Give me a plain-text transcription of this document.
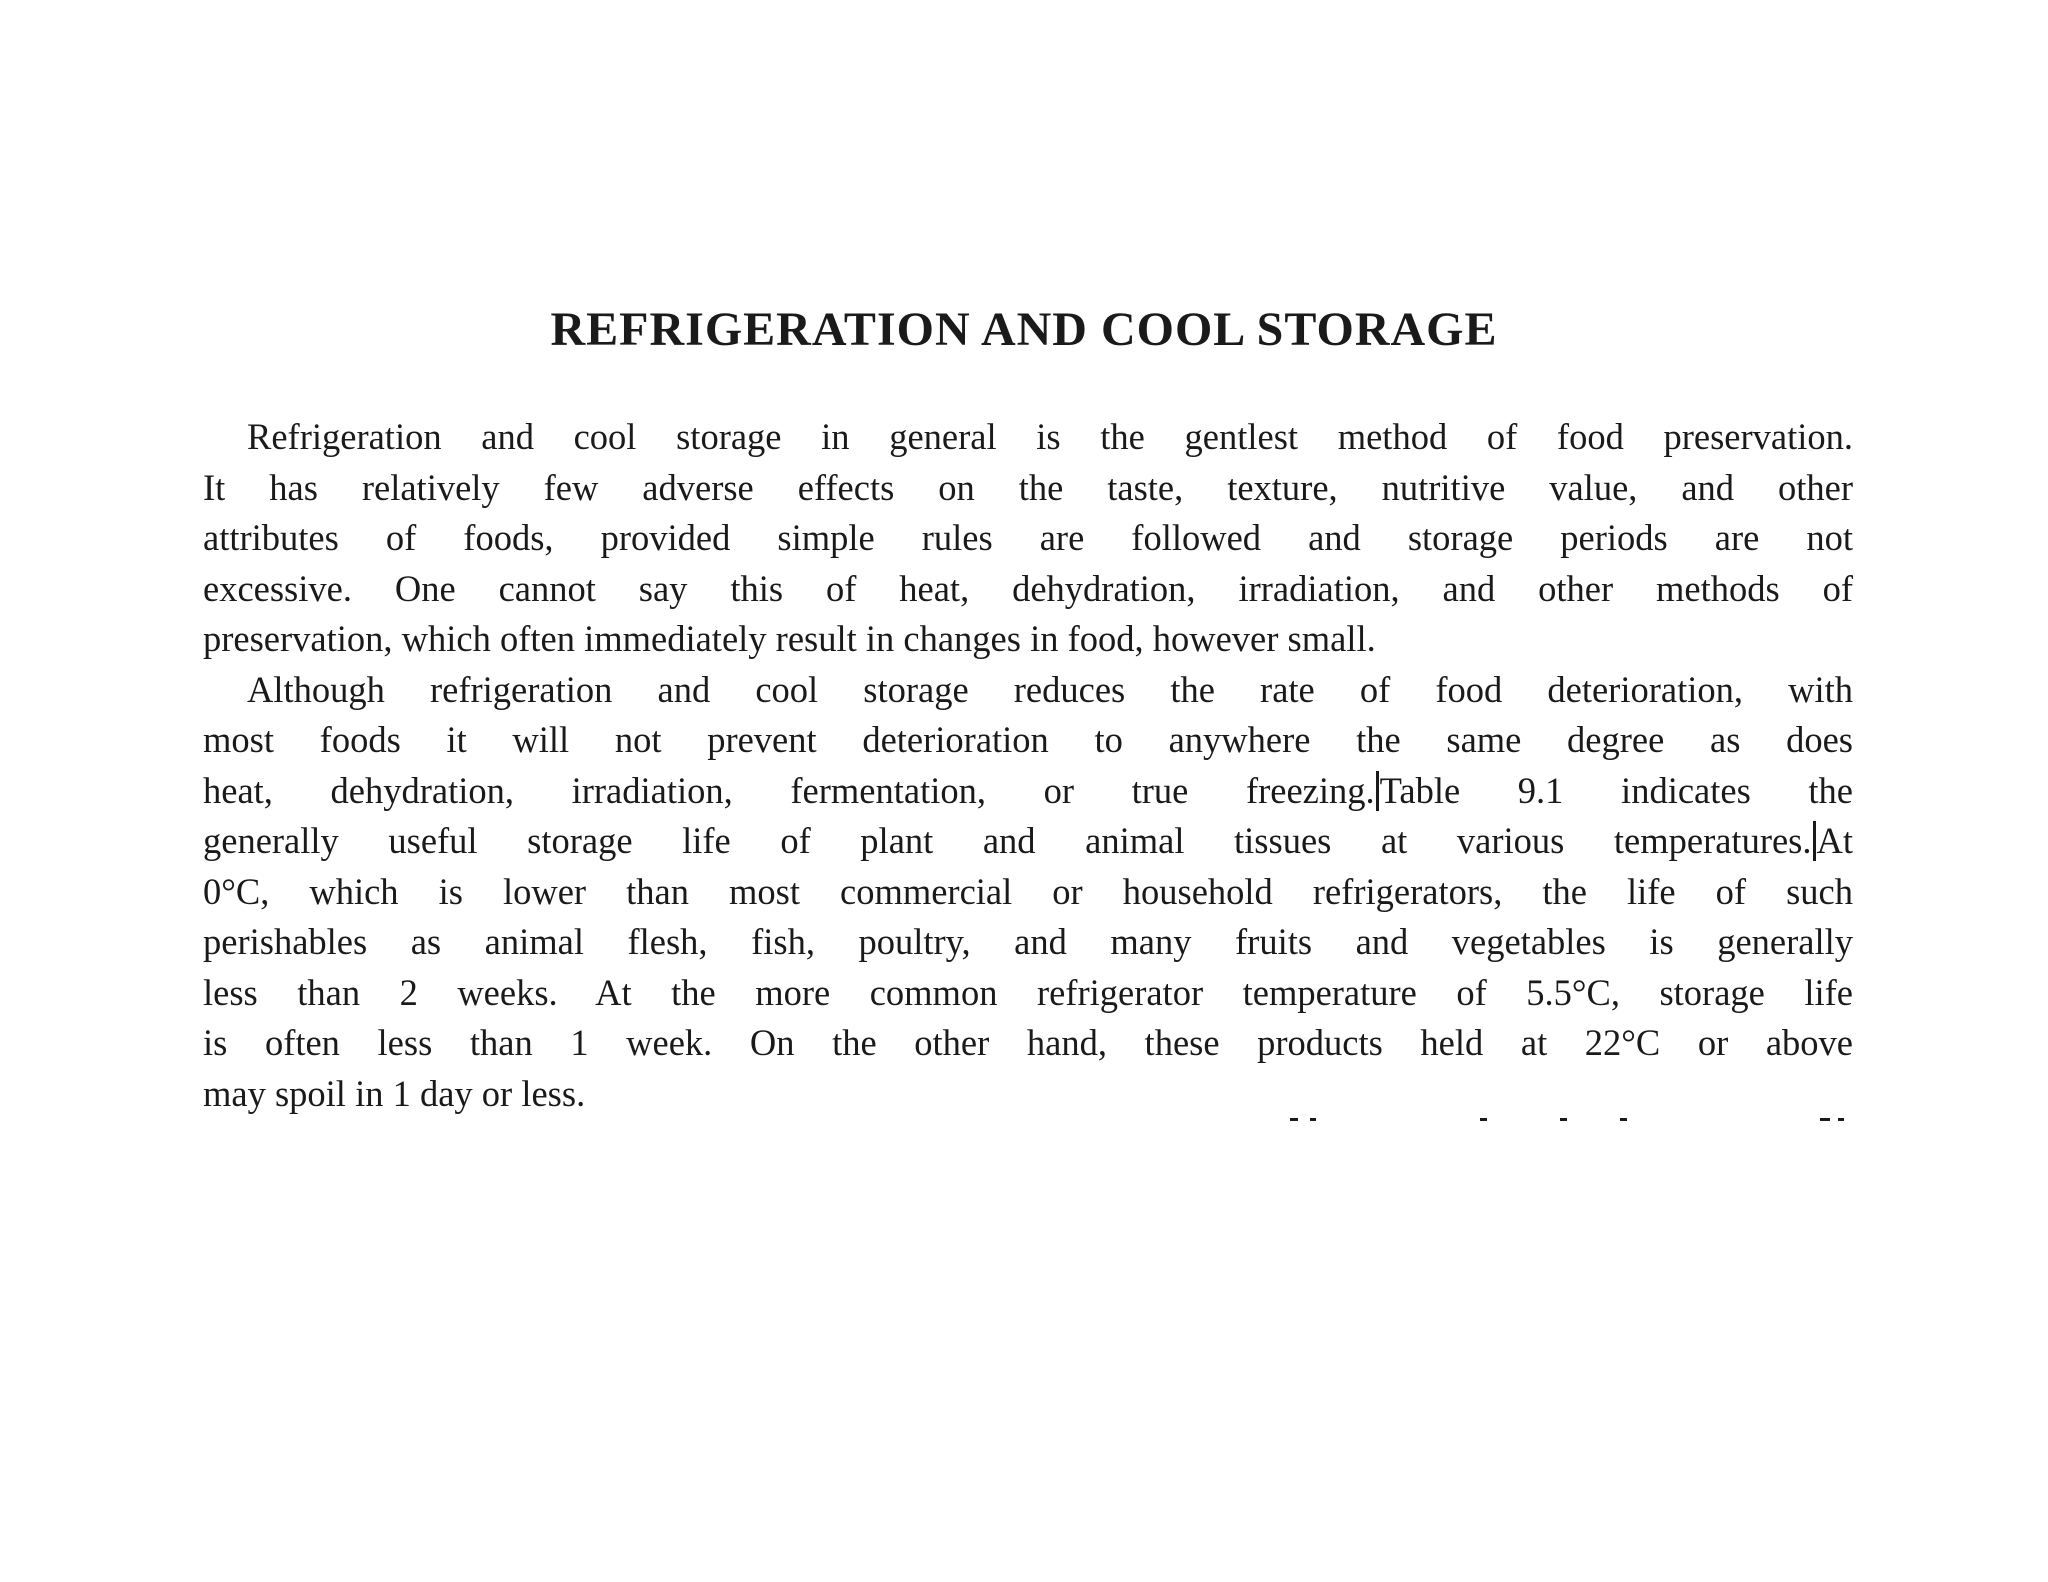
REFRIGERATION AND COOL STORAGE
Refrigeration and cool storage in general is the gentlest method of food preservation.
It has relatively few adverse effects on the taste, texture, nutritive value, and other
attributes of foods, provided simple rules are followed and storage periods are not
excessive. One cannot say this of heat, dehydration, irradiation, and other methods of
preservation, which often immediately result in changes in food, however small.
Although refrigeration and cool storage reduces the rate of food deterioration, with
most foods it will not prevent deterioration to anywhere the same degree as does
heat, dehydration, irradiation, fermentation, or true freezing. Table 9.1 indicates the
generally useful storage life of plant and animal tissues at various temperatures. At
0°C, which is lower than most commercial or household refrigerators, the life of such
perishables as animal flesh, fish, poultry, and many fruits and vegetables is generally
less than 2 weeks. At the more common refrigerator temperature of 5.5°C, storage life
is often less than 1 week. On the other hand, these products held at 22°C or above
may spoil in 1 day or less.
